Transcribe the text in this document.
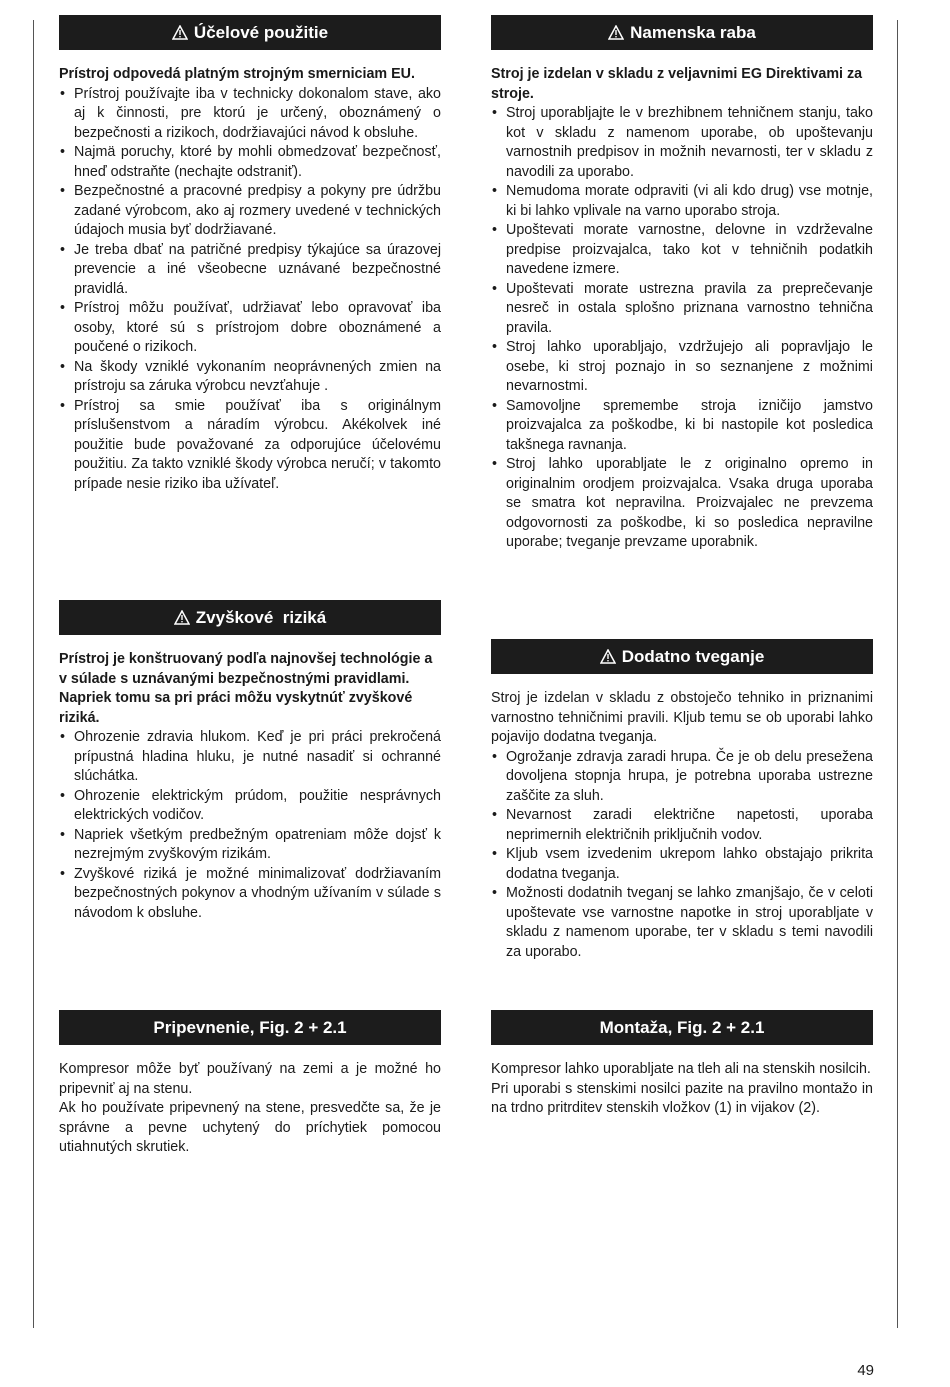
Účelové použitie
Prístroj odpovedá platným strojným smerniciam EU.
• Prístroj používajte iba v technicky dokonalom stave, ako aj k činnosti, pre ktorú je určený, oboznámený o bezpečnosti a rizikoch, dodržiavajúci návod k obsluhe.
• Najmä poruchy, ktoré by mohli obmedzovať bezpečnosť, hneď odstraňte (nechajte odstraniť).
• Bezpečnostné a pracovné predpisy a pokyny pre údržbu zadané výrobcom, ako aj rozmery uvedené v technických údajoch musia byť dodržiavané.
• Je treba dbať na patričné predpisy týkajúce sa úrazovej prevencie a iné všeobecne uznávané bezpečnostné pravidlá.
• Prístroj môžu používať, udržiavať lebo opravovať iba osoby, ktoré sú s prístrojom dobre oboznámené a poučené o rizikoch.
• Na škody vzniklé vykonaním neoprávnených zmien na prístroju sa záruka výrobcu nevzťahuje .
• Prístroj sa smie používať iba s originálnym príslušenstvom a náradím výrobcu. Akékolvek iné použitie bude považované za odporujúce účelovému použitiu. Za takto vzniklé škody výrobca neručí; v takomto prípade nesie riziko iba užívateľ.
Zvyškové  riziká
Prístroj je konštruovaný podľa najnovšej technológie a v súlade s uznávanými bezpečnostnými pravidlami. Napriek tomu sa pri práci môžu vyskytnúť zvyškové riziká.
• Ohrozenie zdravia hlukom. Keď je pri práci prekročená prípustná hladina hluku, je nutné nasadiť si ochranné slúchátka.
• Ohrozenie elektrickým prúdom, použitie nesprávnych elektrických vodičov.
• Napriek všetkým predbežným opatreniam môže dojsť k nezrejmým zvyškovým rizikám.
• Zvyškové riziká je možné minimalizovať dodržiavaním bezpečnostných pokynov a vhodným užívaním v súlade s návodom k obsluhe.
Pripevnenie, Fig. 2 + 2.1
Kompresor môže byť používaný na zemi a je možné ho pripevniť aj na stenu.
Ak ho používate pripevnený na stene, presvedčte sa, že je správne a pevne uchytený do príchytiek pomocou utiahnutých skrutiek.
Namenska raba
Stroj je izdelan v skladu z veljavnimi EG Direktivami za stroje.
• Stroj uporabljajte le v brezhibnem tehničnem stanju, tako kot v skladu z namenom uporabe, ob upoštevanju varnostnih predpisov in možnih nevarnosti, ter v skladu z navodili za uporabo.
• Nemudoma morate odpraviti (vi ali kdo drug) vse motnje, ki bi lahko vplivale na varno uporabo stroja.
• Upoštevati morate varnostne, delovne in vzdrževalne predpise proizvajalca, tako kot v tehničnih podatkih navedene izmere.
• Upoštevati morate ustrezna pravila za preprečevanje nesreč in ostala splošno priznana varnostno tehnična pravila.
• Stroj lahko uporabljajo, vzdržujejo ali popravljajo le osebe, ki stroj poznajo in so seznanjene z možnimi nevarnostmi.
• Samovoljne spremembe stroja izničijo jamstvo proizvajalca za poškodbe, ki bi nastopile kot posledica takšnega ravnanja.
• Stroj lahko uporabljate le z originalno opremo in originalnim orodjem proizvajalca. Vsaka druga uporaba se smatra kot nepravilna. Proizvajalec ne prevzema odgovornosti za poškodbe, ki so posledica nepravilne uporabe; tveganje prevzame uporabnik.
Dodatno tveganje
Stroj je izdelan v skladu z obstoječo tehniko in priznanimi varnostno tehničnimi pravili. Kljub temu se ob uporabi lahko pojavijo dodatna tveganja.
• Ogrožanje zdravja zaradi hrupa. Če je ob delu presežena dovoljena stopnja hrupa, je potrebna uporaba ustrezne zaščite za sluh.
• Nevarnost zaradi električne napetosti, uporaba neprimernih električnih priključnih vodov.
• Kljub vsem izvedenim ukrepom lahko obstajajo prikrita dodatna tveganja.
• Možnosti dodatnih tveganj se lahko zmanjšajo, če v celoti upoštevate vse varnostne napotke in stroj uporabljate v skladu z namenom uporabe, ter v skladu s temi navodili za uporabo.
Montaža, Fig. 2 + 2.1
Kompresor lahko uporabljate na tleh ali na stenskih nosilcih.
Pri uporabi s stenskimi nosilci pazite na pravilno montažo in na trdno pritrditev stenskih vložkov (1) in vijakov (2).
49
